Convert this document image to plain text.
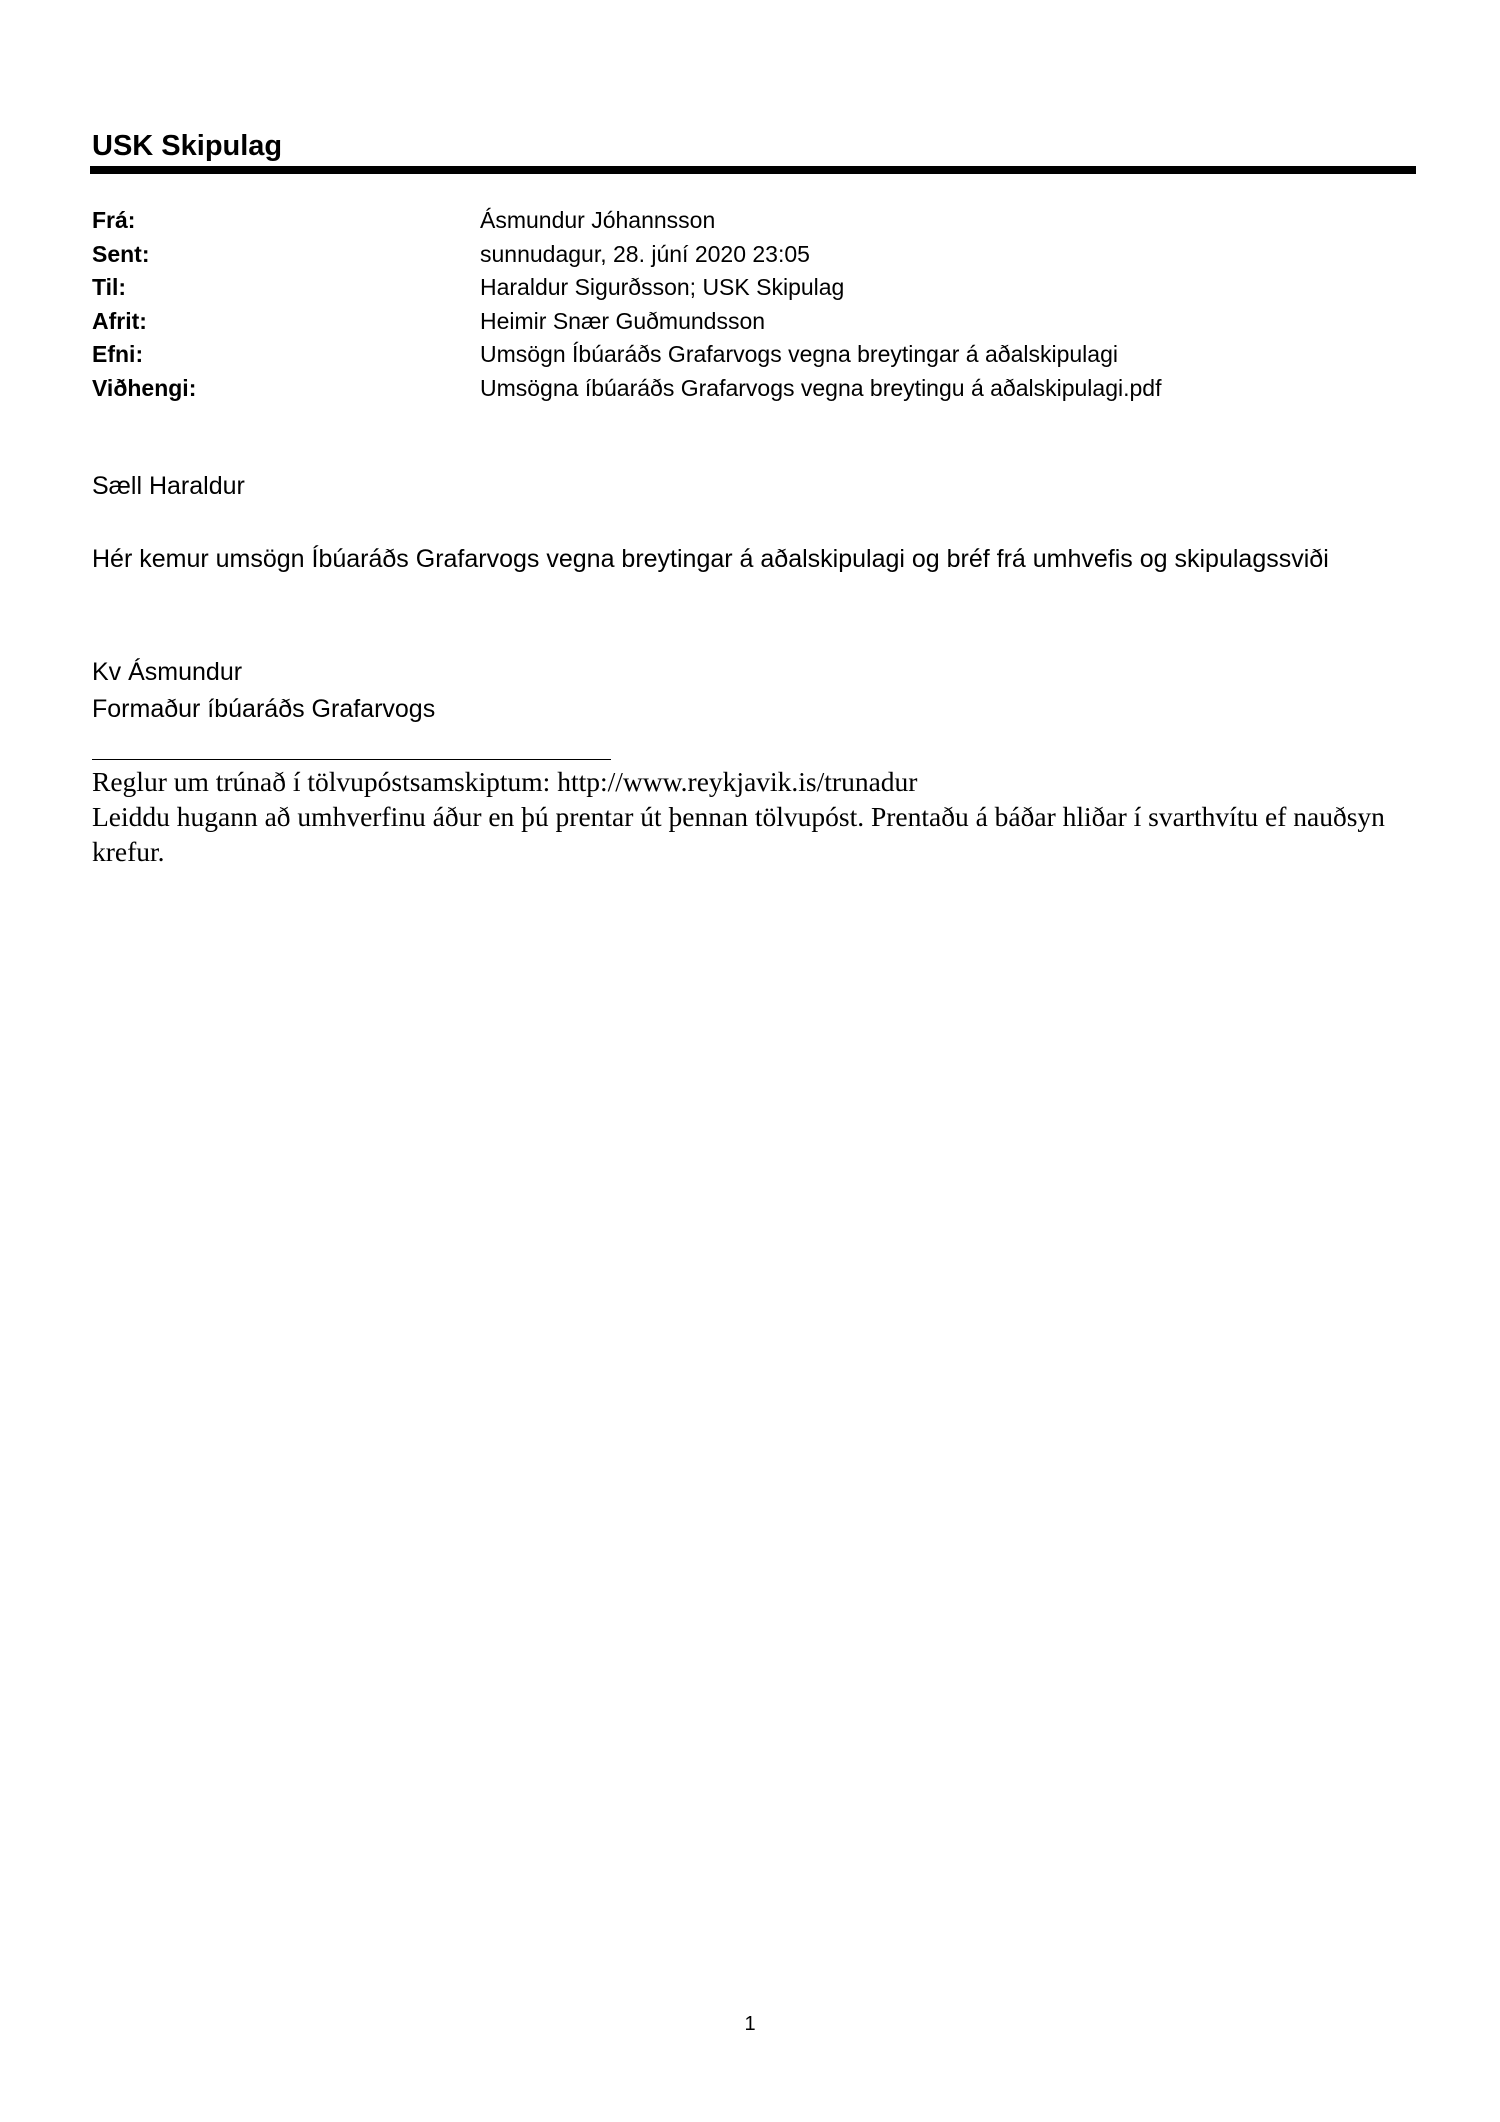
USK Skipulag
Frá:	Ásmundur Jóhannsson
Sent:	sunnudagur, 28. júní 2020 23:05
Til:	Haraldur Sigurðsson; USK Skipulag
Afrit:	Heimir Snær Guðmundsson
Efni:	Umsögn Íbúaráðs Grafarvogs vegna breytingar á aðalskipulagi
Viðhengi:	Umsögna íbúaráðs Grafarvogs vegna breytingu á aðalskipulagi.pdf

Sæll Haraldur

Hér kemur umsögn Íbúaráðs Grafarvogs vegna breytingar á aðalskipulagi og bréf frá umhvefis og skipulagssviði

Kv Ásmundur
Formaður íbúaráðs Grafarvogs
Reglur um trúnað í tölvupóstsamskiptum: http://www.reykjavik.is/trunadur
Leiddu hugann að umhverfinu áður en þú prentar út þennan tölvupóst. Prentaðu á báðar hliðar í svarthvítu ef nauðsyn krefur.
1
